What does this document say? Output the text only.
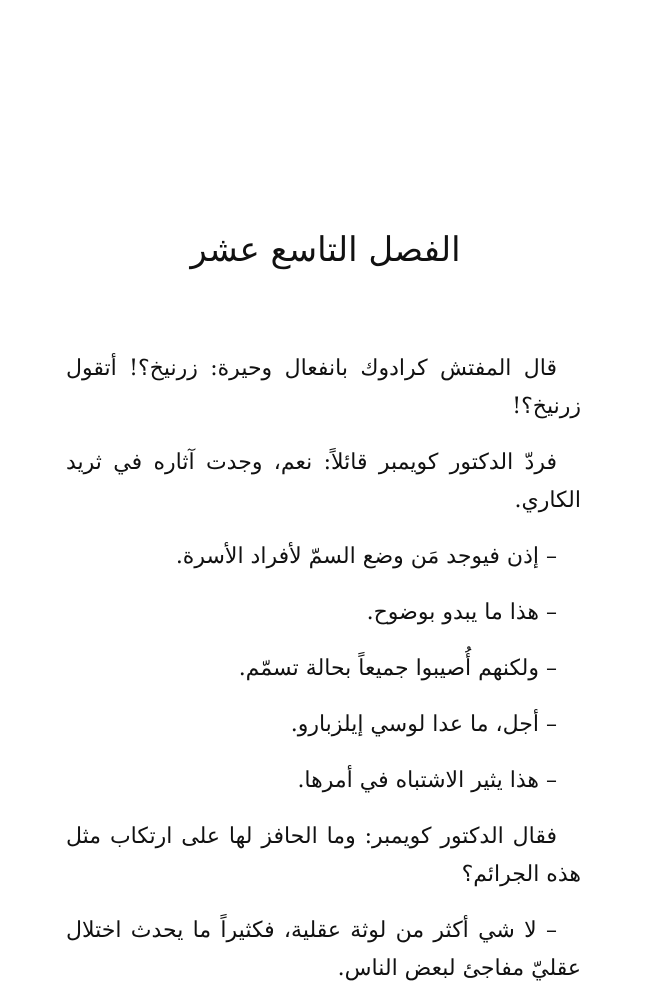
الفصل التاسع عشر

قال المفتش كرادوك بانفعال وحيرة: زرنيخ؟! أتقول زرنيخ؟!

فردّ الدكتور كويمبر قائلاً: نعم، وجدت آثاره في ثريد الكاري.

– إذن فيوجد مَن وضع السمّ لأفراد الأسرة.

– هذا ما يبدو بوضوح.

– ولكنهم أُصيبوا جميعاً بحالة تسمّم.

– أجل، ما عدا لوسي إيلزبارو.

– هذا يثير الاشتباه في أمرها.

فقال الدكتور كويمبر: وما الحافز لها على ارتكاب مثل هذه الجرائم؟

– لا شي أكثر من لوثة عقلية، فكثيراً ما يحدث اختلال عقليّ مفاجئ لبعض الناس.
